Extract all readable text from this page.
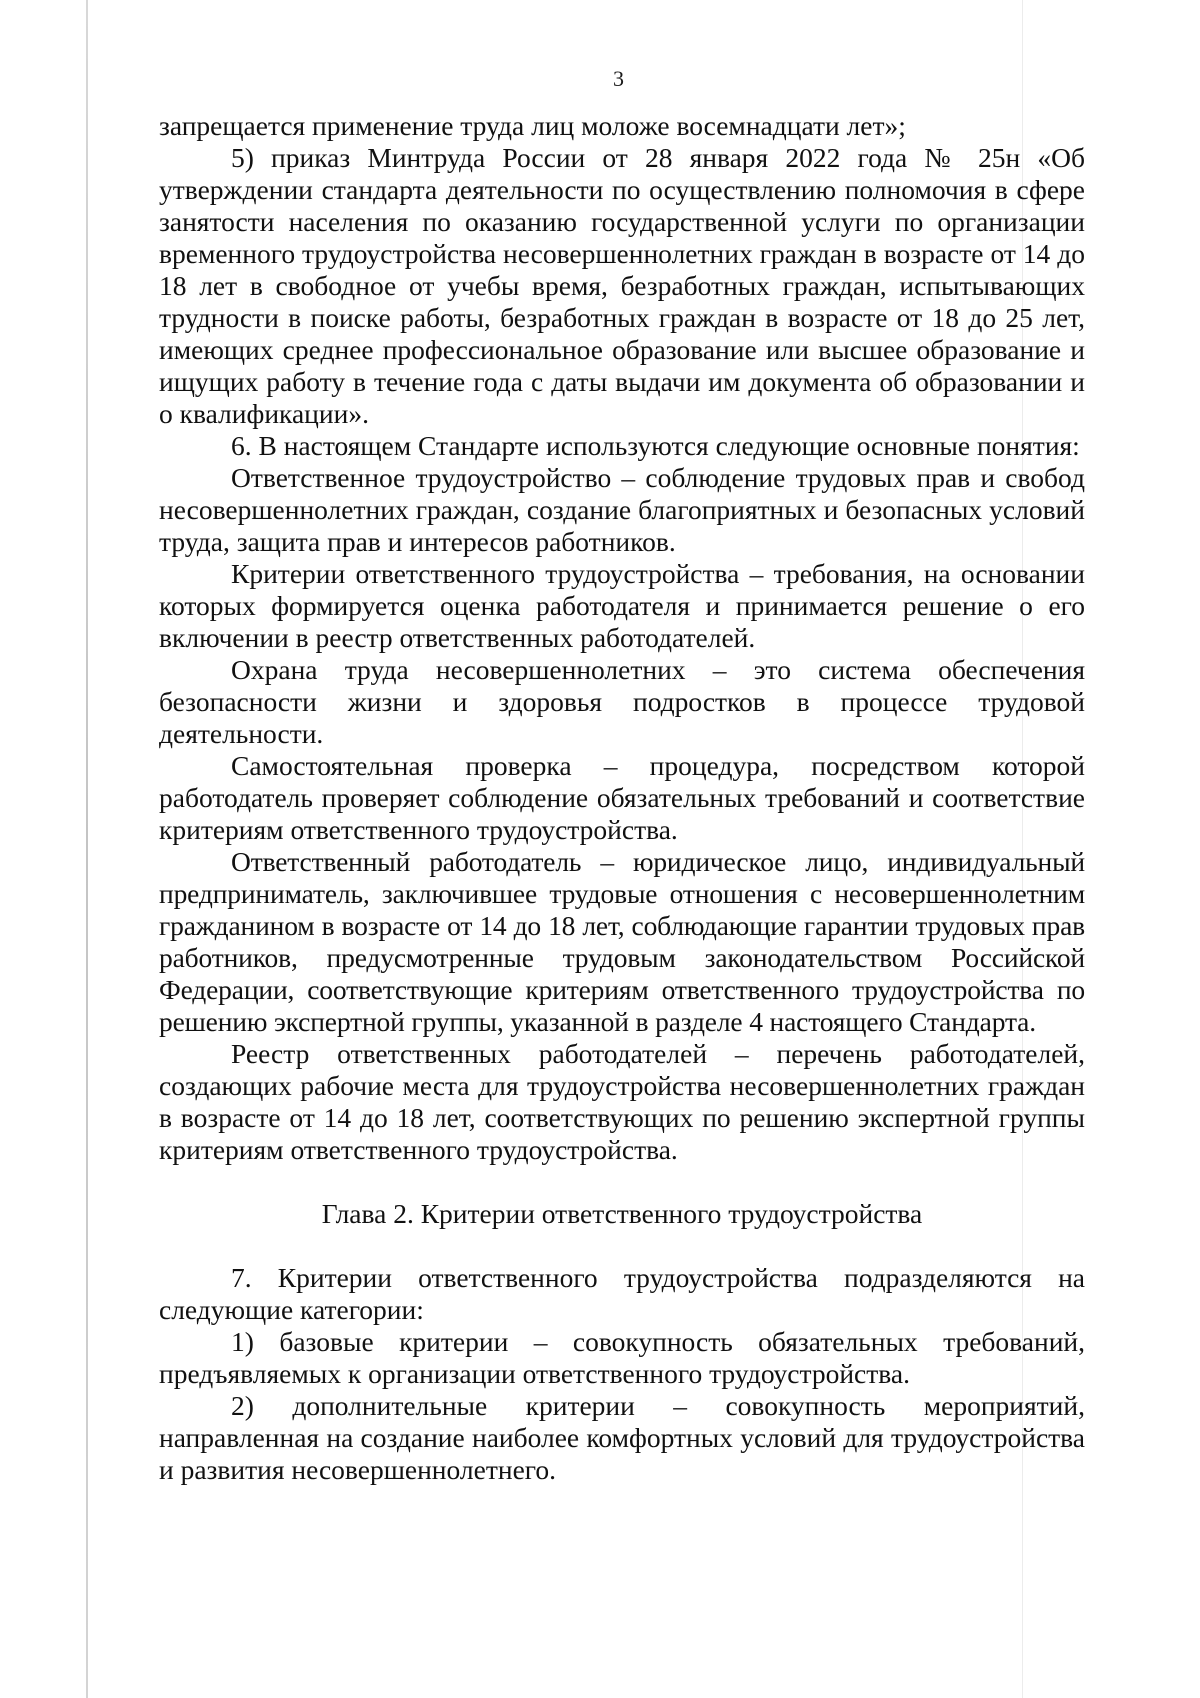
3

запрещается применение труда лиц моложе восемнадцати лет»;

5) приказ Минтруда России от 28 января 2022 года № 25н «Об утверждении стандарта деятельности по осуществлению полномочия в сфере занятости населения по оказанию государственной услуги по организации временного трудоустройства несовершеннолетних граждан в возрасте от 14 до 18 лет в свободное от учебы время, безработных граждан, испытывающих трудности в поиске работы, безработных граждан в возрасте от 18 до 25 лет, имеющих среднее профессиональное образование или высшее образование и ищущих работу в течение года с даты выдачи им документа об образовании и о квалификации».

6. В настоящем Стандарте используются следующие основные понятия:

Ответственное трудоустройство – соблюдение трудовых прав и свобод несовершеннолетних граждан, создание благоприятных и безопасных условий труда, защита прав и интересов работников.

Критерии ответственного трудоустройства – требования, на основании которых формируется оценка работодателя и принимается решение о его включении в реестр ответственных работодателей.

Охрана труда несовершеннолетних – это система обеспечения безопасности жизни и здоровья подростков в процессе трудовой деятельности.

Самостоятельная проверка – процедура, посредством которой работодатель проверяет соблюдение обязательных требований и соответствие критериям ответственного трудоустройства.

Ответственный работодатель – юридическое лицо, индивидуальный предприниматель, заключившее трудовые отношения с несовершеннолетним гражданином в возрасте от 14 до 18 лет, соблюдающие гарантии трудовых прав работников, предусмотренные трудовым законодательством Российской Федерации, соответствующие критериям ответственного трудоустройства по решению экспертной группы, указанной в разделе 4 настоящего Стандарта.

Реестр ответственных работодателей – перечень работодателей, создающих рабочие места для трудоустройства несовершеннолетних граждан в возрасте от 14 до 18 лет, соответствующих по решению экспертной группы критериям ответственного трудоустройства.

Глава 2. Критерии ответственного трудоустройства

7. Критерии ответственного трудоустройства подразделяются на следующие категории:

1) базовые критерии – совокупность обязательных требований, предъявляемых к организации ответственного трудоустройства.

2) дополнительные критерии – совокупность мероприятий, направленная на создание наиболее комфортных условий для трудоустройства и развития несовершеннолетнего.
